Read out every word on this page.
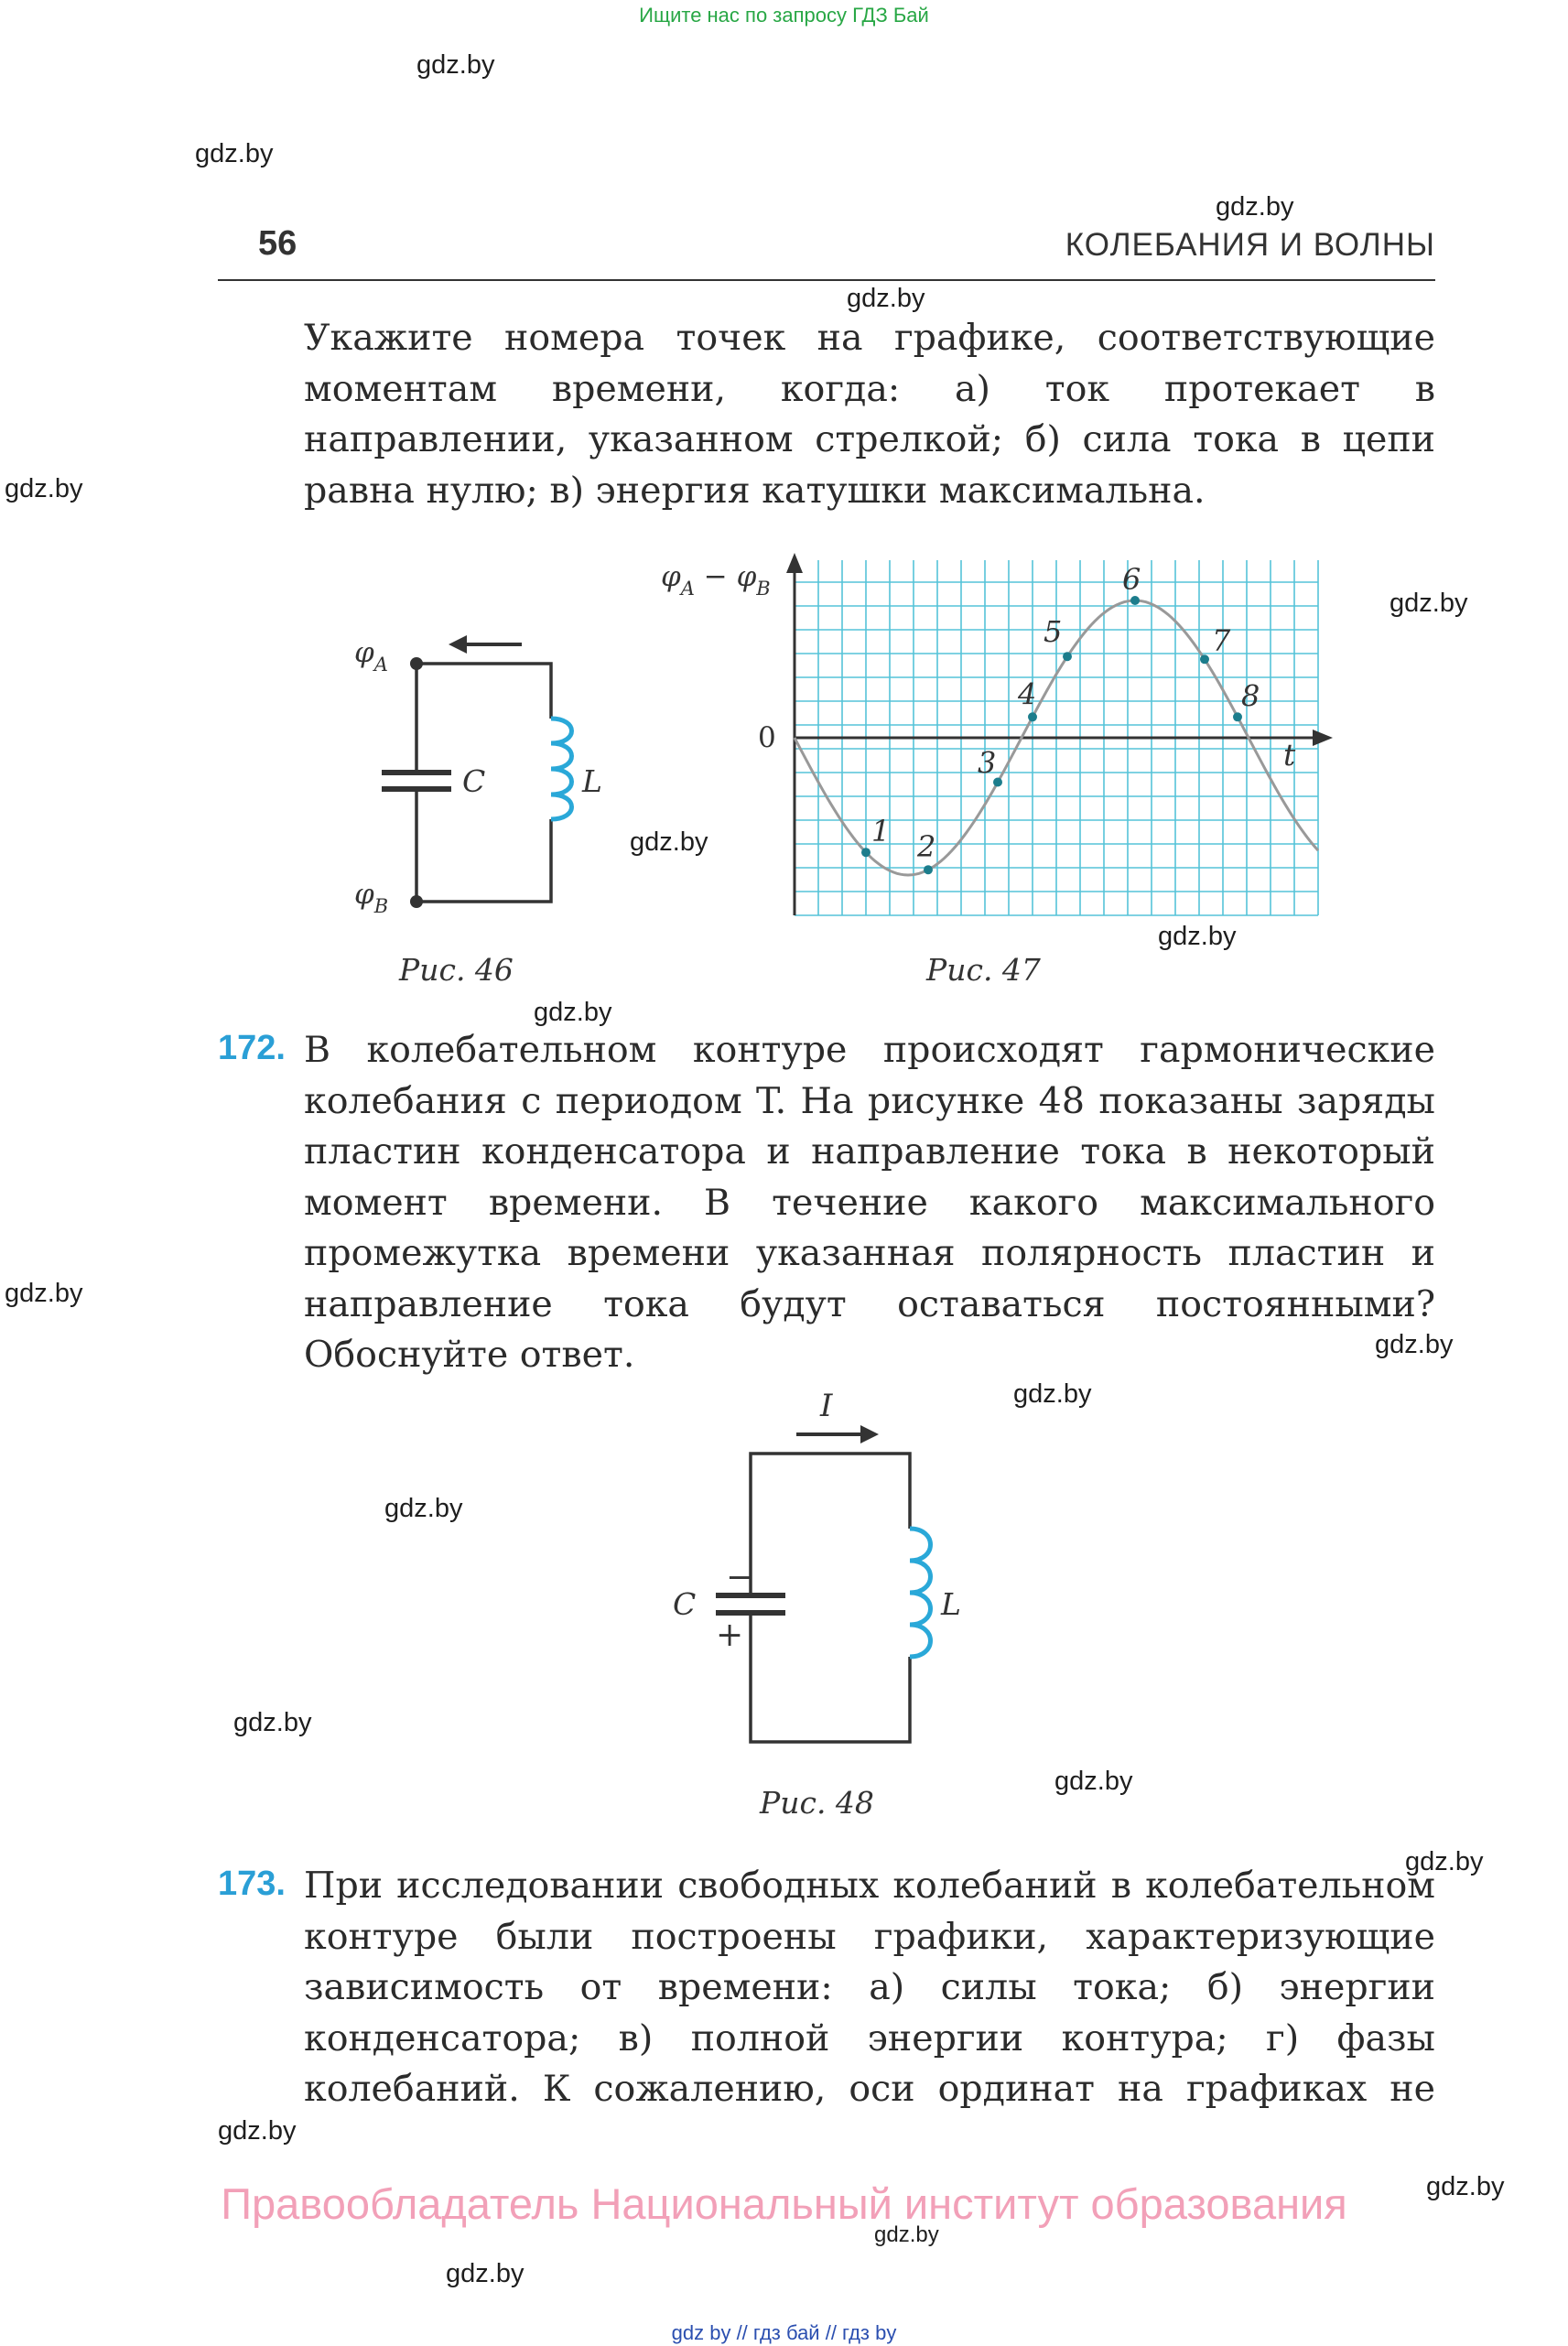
Ищите нас по запросу ГДЗ Бай
gdz.by
gdz.by
gdz.by
gdz.by
gdz.by
gdz.by
gdz.by
gdz.by
gdz.by
gdz.by
gdz.by
gdz.by
gdz.by
gdz.by
gdz.by
gdz.by
gdz.by
gdz.by
gdz.by
gdz.by
56	КОЛЕБАНИЯ И ВОЛНЫ
Укажите номера точек на графике, соответствующие моментам времени, когда: а) ток протекает в направлении, указанном стрелкой; б) сила тока в цепи равна нулю; в) энергия катушки максимальна.
$\varphi_A$
$\varphi_B$
C	L
Рис. 46
1 2
3
4
5
6
7
8
$\varphi_A - \varphi_B$
0	t
Рис. 47
172. В колебательном контуре происходят гармонические колебания с периодом T. На рисунке 48 показаны заряды пластин конденсатора и направление тока в некоторый момент времени. В течение какого максимального промежутка времени указанная полярность пластин и направление тока будут оставаться постоянными? Обоснуйте ответ.
I
−
+
C	L
Рис. 48
173. При исследовании свободных колебаний в колебательном контуре были построены графики, характеризующие зависимость от времени: а) силы тока; б) энергии конденсатора; в) полной энергии контура; г) фазы колебаний. К сожалению, оси ординат на графиках не
Правообладатель Национальный институт образования
gdz by // гдз бай // гдз by
